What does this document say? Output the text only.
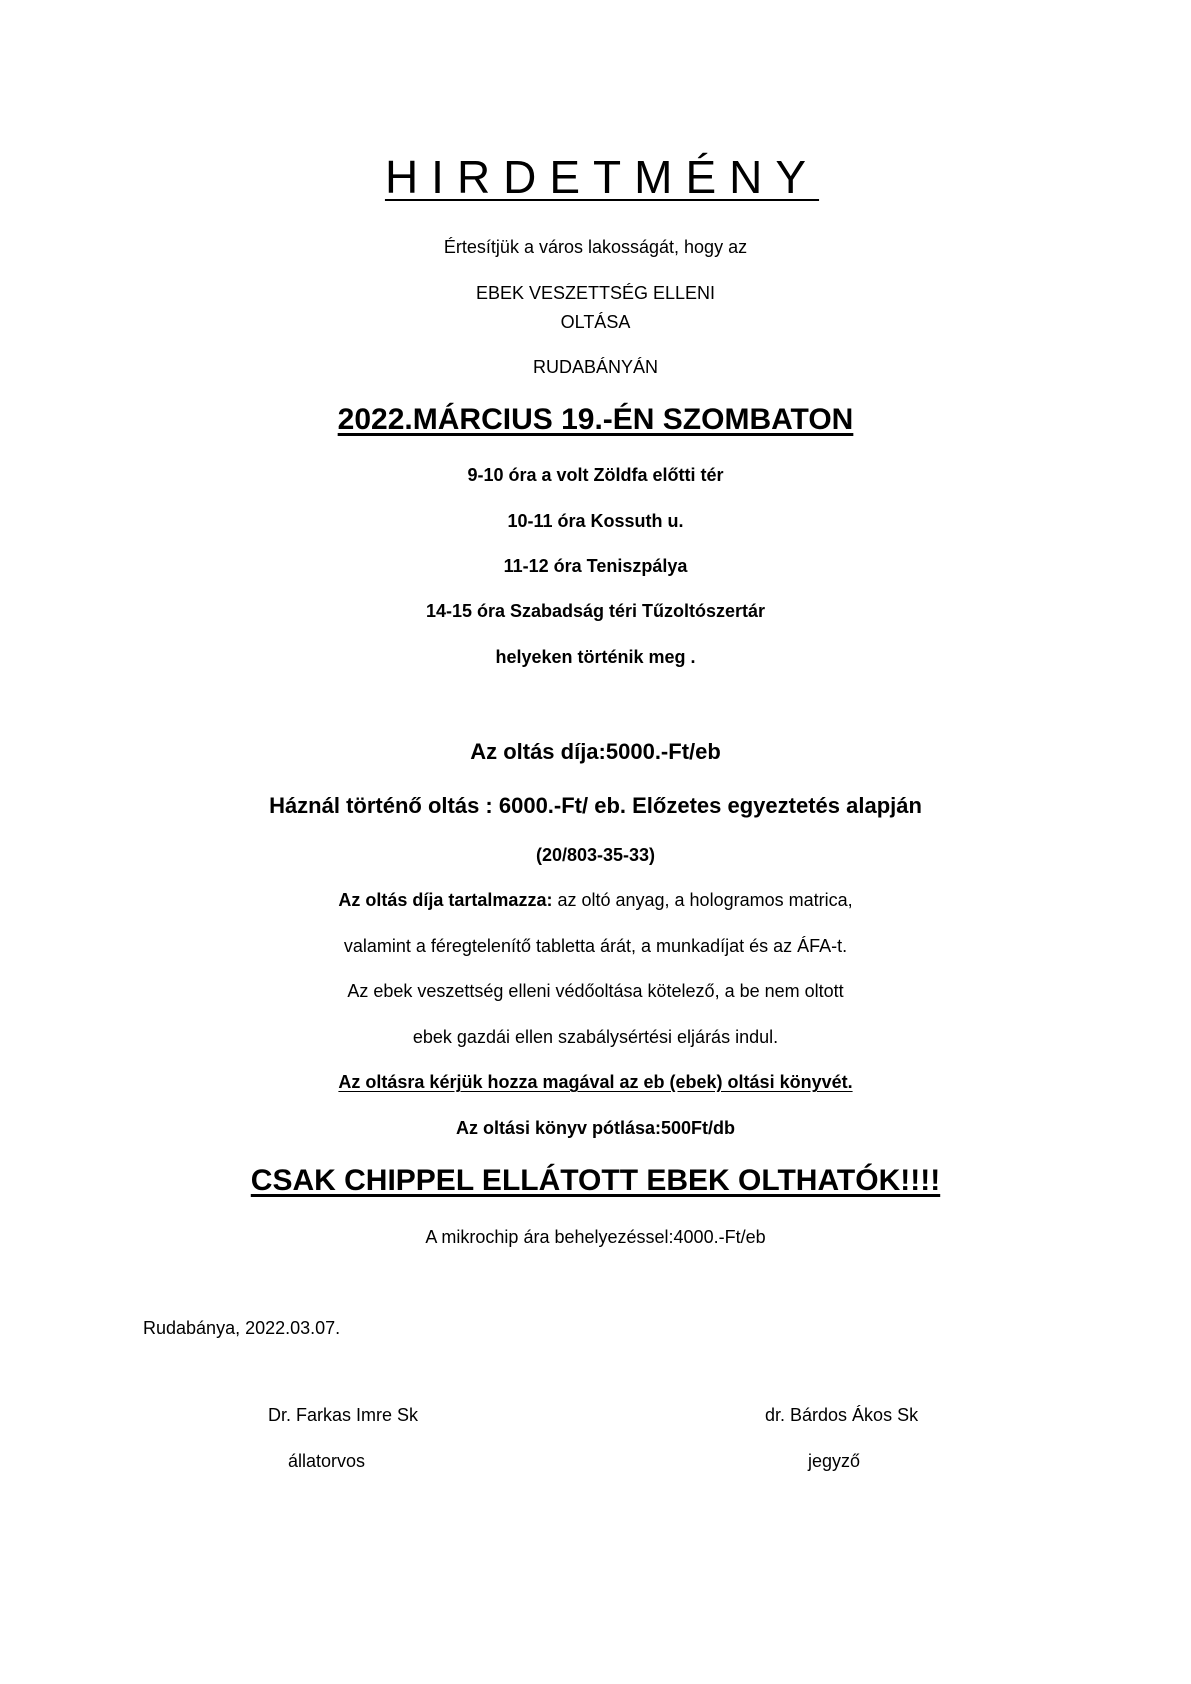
HIRDETMÉNY
Értesítjük a város lakosságát, hogy az
EBEK VESZETTSÉG ELLENI
OLTÁSA
RUDABÁNYÁN
2022.MÁRCIUS 19.-ÉN SZOMBATON
9-10 óra a volt Zöldfa előtti tér
10-11 óra Kossuth u.
11-12 óra Teniszpálya
14-15 óra Szabadság téri Tűzoltószertár
helyeken történik meg .
Az oltás díja:5000.-Ft/eb
Háznál történő oltás : 6000.-Ft/ eb. Előzetes egyeztetés alapján
(20/803-35-33)
Az oltás díja tartalmazza: az oltó anyag, a hologramos matrica,
valamint a féregtelenítő tabletta árát, a munkadíjat és az ÁFA-t.
Az ebek veszettség elleni védőoltása kötelező, a be nem oltott
ebek gazdái ellen szabálysértési eljárás indul.
Az oltásra kérjük hozza magával az eb (ebek) oltási könyvét.
Az oltási könyv pótlása:500Ft/db
CSAK CHIPPEL ELLÁTOTT EBEK OLTHATÓK!!!!
A mikrochip ára behelyezéssel:4000.-Ft/eb
Rudabánya, 2022.03.07.
Dr. Farkas Imre Sk
állatorvos
dr. Bárdos Ákos Sk
jegyző
